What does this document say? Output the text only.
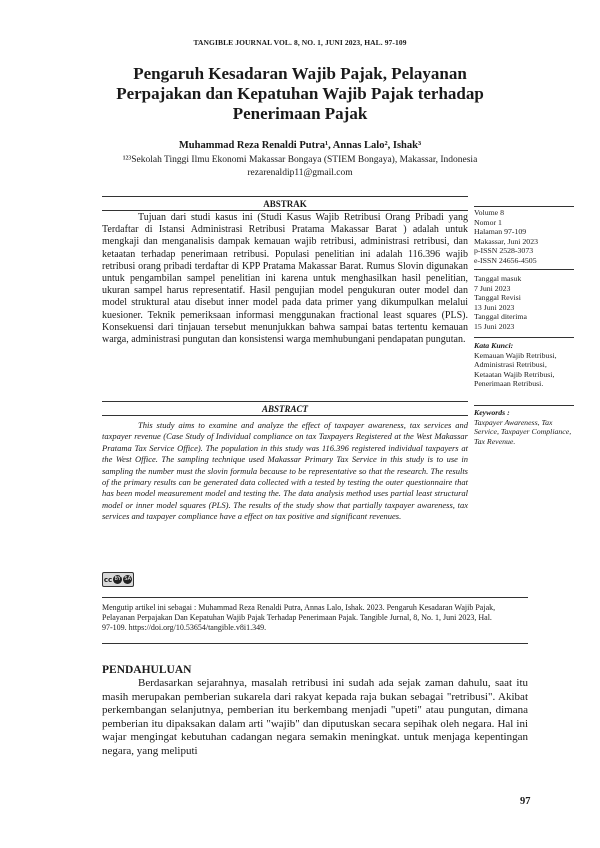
TANGIBLE JOURNAL VOL. 8, NO. 1, JUNI 2023, HAL. 97-109
Pengaruh Kesadaran Wajib Pajak, Pelayanan Perpajakan dan Kepatuhan Wajib Pajak terhadap Penerimaan Pajak
Muhammad Reza Renaldi Putra¹, Annas Lalo², Ishak³
¹²³Sekolah Tinggi Ilmu Ekonomi Makassar Bongaya (STIEM Bongaya), Makassar, Indonesia
rezarenaldip11@gmail.com
ABSTRAK
Tujuan dari studi kasus ini (Studi Kasus Wajib Retribusi Orang Pribadi yang Terdaftar di Istansi Administrasi Retribusi Pratama Makassar Barat ) adalah untuk mengkaji dan menganalisis dampak kemauan wajib retribusi, administrasi retribusi, dan ketaatan terhadap penerimaan retribusi. Populasi penelitian ini adalah 116.396 wajib retribusi orang pribadi terdaftar di KPP Pratama Makassar Barat. Rumus Slovin digunakan untuk pengambilan sampel penelitian ini karena untuk menghasilkan hasil penelitian, ukuran sampel harus representatif. Hasil pengujian model pengukuran outer model dan model struktural atau disebut inner model pada data primer yang dikumpulkan melalui kuesioner. Teknik pemeriksaan informasi menggunakan fractional least squares (PLS). Konsekuensi dari tinjauan tersebut menunjukkan bahwa sampai batas tertentu kemauan warga, administrasi pungutan dan konsistensi warga memhubungani pendapatan pungutan.
ABSTRACT
This study aims to examine and analyze the effect of taxpayer awareness, tax services and taxpayer revenue (Case Study of Individual compliance on tax Taxpayers Registered at the West Makassar Pratama Tax Service Office). The population in this study was 116.396 registered individual taxpayers at the West Office. The sampling technique used Makassar Primary Tax Service in this study is to use in sampling the number must the slovin formula because to be representative so that the research. The results of the primary results can be generated data collected with a tested by testing the outer questionnaire that has been model measurement model and testing the. The data analysis method uses partial least structural model or inner model squares (PLS). The results of the study show that partially taxpayer awareness, tax services and taxpayer compliance have a effect on tax positive and significant revenues.
Volume 8
Nomor 1
Halaman 97-109
Makassar, Juni 2023
p-ISSN 2528-3073
e-ISSN 24656-4505
Tanggal masuk
7 Juni 2023
Tanggal Revisi
13 Juni 2023
Tanggal diterima
15 Juni 2023
Kata Kunci:
Kemauan Wajib Retribusi, Administrasi Retribusi, Ketaatan Wajib Retribusi, Penerimaan Retribusi.
Keywords :
Taxpayer Awareness, Tax Service, Taxpayer Compliance, Tax Revenue.
cc BY SA
Mengutip artikel ini sebagai : Muhammad Reza Renaldi Putra, Annas Lalo, Ishak. 2023. Pengaruh Kesadaran Wajib Pajak, Pelayanan Perpajakan Dan Kepatuhan Wajib Pajak Terhadap Penerimaan Pajak. Tangible Jurnal, 8, No. 1, Juni 2023, Hal. 97-109. https://doi.org/10.53654/tangible.v8i1.349.
PENDAHULUAN
Berdasarkan sejarahnya, masalah retribusi ini sudah ada sejak zaman dahulu, saat itu masih merupakan pemberian sukarela dari rakyat kepada raja bukan sebagai "retribusi". Akibat perkembangan selanjutnya, pemberian itu berkembang menjadi "upeti" atau pungutan, dimana pemberian itu dipaksakan dalam arti "wajib" dan diputuskan secara sepihak oleh negara. Hal ini wajar mengingat kebutuhan cadangan negara semakin meningkat. untuk menjaga kepentingan negara, yang meliputi
97
